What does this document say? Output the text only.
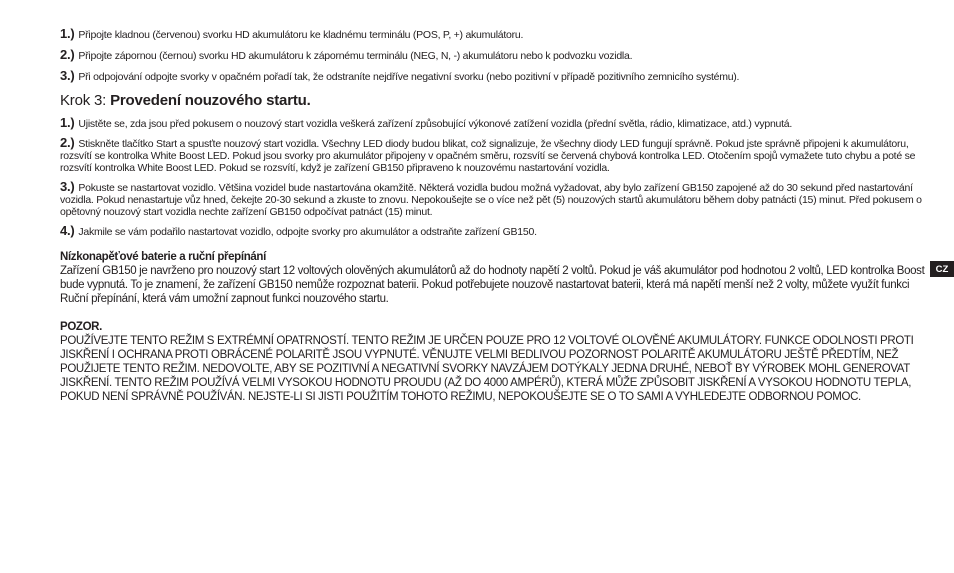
1.) Připojte kladnou (červenou) svorku HD akumulátoru ke kladnému terminálu (POS, P, +) akumulátoru.
2.) Připojte zápornou (černou) svorku HD akumulátoru k zápornému terminálu (NEG, N, -) akumulátoru nebo k podvozku vozidla.
3.) Při odpojování odpojte svorky v opačném pořadí tak, že odstraníte nejdříve negativní svorku (nebo pozitivní v případě pozitivního zemnicího systému).
Krok 3: Provedení nouzového startu.
1.) Ujistěte se, zda jsou před pokusem o nouzový start vozidla veškerá zařízení způsobující výkonové zatížení vozidla (přední světla, rádio, klimatizace, atd.) vypnutá.
2.) Stiskněte tlačítko Start a spusťte nouzový start vozidla. Všechny LED diody budou blikat, což signalizuje, že všechny diody LED fungují správně. Pokud jste správně připojeni k akumulátoru, rozsvítí se kontrolka White Boost LED. Pokud jsou svorky pro akumulátor připojeny v opačném směru, rozsvítí se červená chybová kontrolka LED. Otočením spojů vymažete tuto chybu a poté se rozsvítí kontrolka White Boost LED. Pokud se rozsvítí, když je zařízení GB150 připraveno k nouzovému nastartování vozidla.
3.) Pokuste se nastartovat vozidlo. Většina vozidel bude nastartována okamžitě. Některá vozidla budou možná vyžadovat, aby bylo zařízení GB150 zapojené až do 30 sekund před nastartování vozidla. Pokud nenastartuje vůz hned, čekejte 20-30 sekund a zkuste to znovu. Nepokoušejte se o více než pět (5) nouzových startů akumulátoru během doby patnácti (15) minut. Před pokusem o opětovný nouzový start vozidla nechte zařízení GB150 odpočívat patnáct (15) minut.
4.) Jakmile se vám podařilo nastartovat vozidlo, odpojte svorky pro akumulátor a odstraňte zařízení GB150.
Nízkonapěťové baterie a ruční přepínání
Zařízení GB150 je navrženo pro nouzový start 12 voltových olověných akumulátorů až do hodnoty napětí 2 voltů. Pokud je váš akumulátor pod hodnotou 2 voltů, LED kontrolka Boost bude vypnutá. To je znamení, že zařízení GB150 nemůže rozpoznat baterii. Pokud potřebujete nouzově nastartovat baterii, která má napětí menší než 2 volty, můžete využít funkci Ruční přepínání, která vám umožní zapnout funkci nouzového startu.
POZOR.
POUŽÍVEJTE TENTO REŽIM S EXTRÉMNÍ OPATRNOSTÍ. TENTO REŽIM JE URČEN POUZE PRO 12 VOLTOVÉ OLOVĚNÉ AKUMULÁTORY. FUNKCE ODOLNOSTI PROTI JISKŘENÍ I OCHRANA PROTI OBRÁCENÉ POLARITĚ JSOU VYPNUTÉ. VĚNUJTE VELMI BEDLIVOU POZORNOST POLARITĚ AKUMULÁTORU JEŠTĚ PŘEDTÍM, NEŽ POUŽIJETE TENTO REŽIM. NEDOVOLTE, ABY SE POZITIVNÍ A NEGATIVNÍ SVORKY NAVZÁJEM DOTÝKALY JEDNA DRUHÉ, NEBOŤ BY VÝROBEK MOHL GENEROVAT JISKŘENÍ. TENTO REŽIM POUŽÍVÁ VELMI VYSOKOU HODNOTU PROUDU (AŽ DO 4000 AMPÉRŮ), KTERÁ MŮŽE ZPŮSOBIT JISKŘENÍ A VYSOKOU HODNOTU TEPLA, POKUD NENÍ SPRÁVNĚ POUŽÍVÁN. NEJSTE-LI SI JISTI POUŽITÍM TOHOTO REŽIMU, NEPOKOUŠEJTE SE O TO SAMI A VYHLEDEJTE ODBORNOU POMOC.
CZ
